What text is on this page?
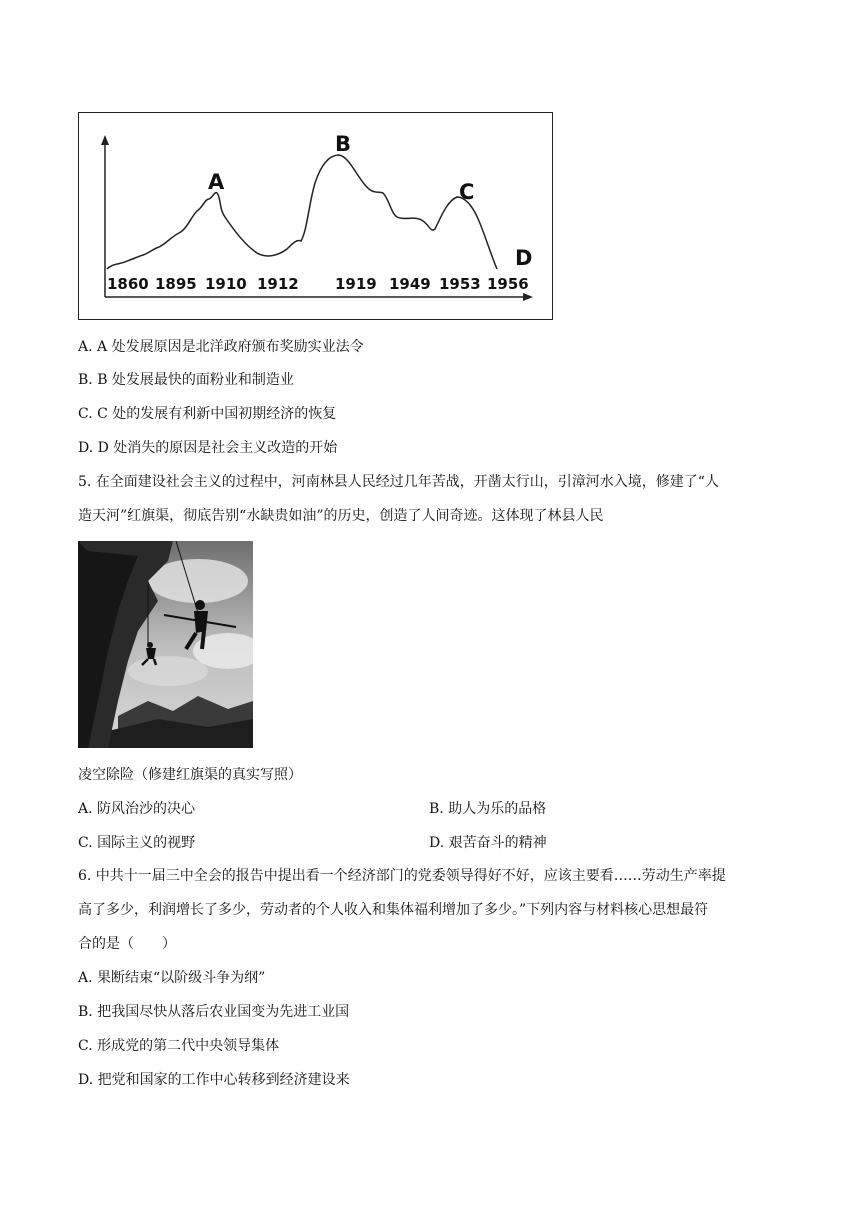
1860 1895 1910 1912 1919 1949 1953 1956
A
B
C
D
A. A 处发展原因是北洋政府颁布奖励实业法令
B. B 处发展最快的面粉业和制造业
C. C 处的发展有利新中国初期经济的恢复
D. D 处消失的原因是社会主义改造的开始
5. 在全面建设社会主义的过程中，河南林县人民经过几年苦战，开凿太行山，引漳河水入境，修建了“人
造天河”红旗渠，彻底告别“水缺贵如油”的历史，创造了人间奇迹。这体现了林县人民
凌空除险（修建红旗渠的真实写照）
A. 防风治沙的决心	B. 助人为乐的品格
C. 国际主义的视野	D. 艰苦奋斗的精神
6. 中共十一届三中全会的报告中提出看一个经济部门的党委领导得好不好，应该主要看……劳动生产率提
高了多少，利润增长了多少，劳动者的个人收入和集体福利增加了多少。”下列内容与材料核心思想最符
合的是（　　）
A. 果断结束“以阶级斗争为纲”
B. 把我国尽快从落后农业国变为先进工业国
C. 形成党的第二代中央领导集体
D. 把党和国家的工作中心转移到经济建设来
